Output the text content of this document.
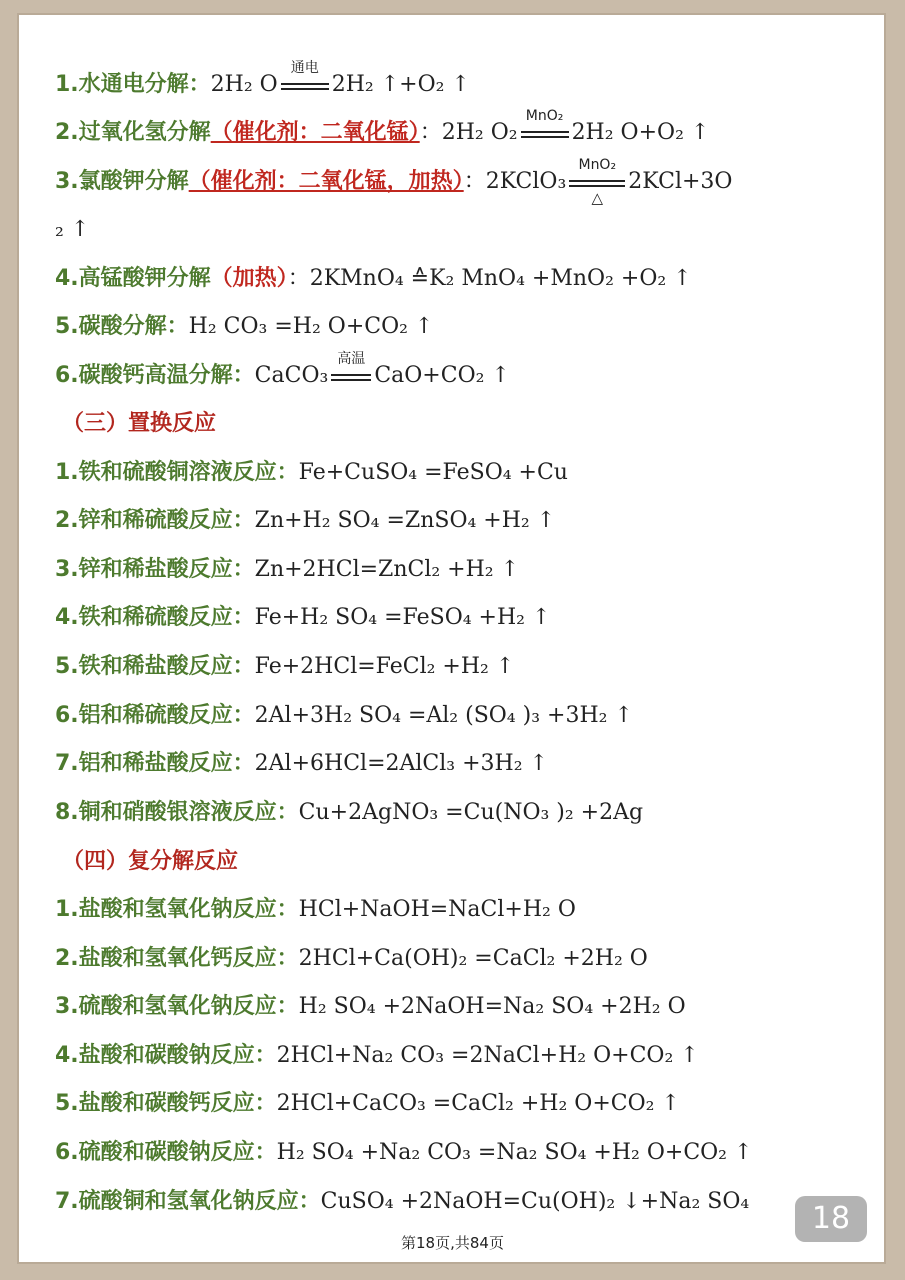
1.水通电分解：2H₂ O
通电
2H₂ ↑+O₂ ↑
2.过氧化氢分解（催化剂：二氧化锰）：2H₂ O₂
MnO₂
2H₂ O+O₂ ↑
3.氯酸钾分解（催化剂：二氧化锰，加热）：2KClO₃
MnO₂
△
2KCl+3O
₂ ↑
4.高锰酸钾分解（加热）：2KMnO₄ ≙K₂ MnO₄ +MnO₂ +O₂ ↑
5.碳酸分解：H₂ CO₃ =H₂ O+CO₂ ↑
6.碳酸钙高温分解：CaCO₃
高温
CaO+CO₂ ↑
（三）置换反应
1.铁和硫酸铜溶液反应：Fe+CuSO₄ =FeSO₄ +Cu
2.锌和稀硫酸反应：Zn+H₂ SO₄ =ZnSO₄ +H₂ ↑
3.锌和稀盐酸反应：Zn+2HCl=ZnCl₂ +H₂ ↑
4.铁和稀硫酸反应：Fe+H₂ SO₄ =FeSO₄ +H₂ ↑
5.铁和稀盐酸反应：Fe+2HCl=FeCl₂ +H₂ ↑
6.铝和稀硫酸反应：2Al+3H₂ SO₄ =Al₂ (SO₄ )₃ +3H₂ ↑
7.铝和稀盐酸反应：2Al+6HCl=2AlCl₃ +3H₂ ↑
8.铜和硝酸银溶液反应：Cu+2AgNO₃ =Cu(NO₃ )₂ +2Ag
（四）复分解反应
1.盐酸和氢氧化钠反应：HCl+NaOH=NaCl+H₂ O
2.盐酸和氢氧化钙反应：2HCl+Ca(OH)₂ =CaCl₂ +2H₂ O
3.硫酸和氢氧化钠反应：H₂ SO₄ +2NaOH=Na₂ SO₄ +2H₂ O
4.盐酸和碳酸钠反应：2HCl+Na₂ CO₃ =2NaCl+H₂ O+CO₂ ↑
5.盐酸和碳酸钙反应：2HCl+CaCO₃ =CaCl₂ +H₂ O+CO₂ ↑
6.硫酸和碳酸钠反应：H₂ SO₄ +Na₂ CO₃ =Na₂ SO₄ +H₂ O+CO₂ ↑
7.硫酸铜和氢氧化钠反应：CuSO₄ +2NaOH=Cu(OH)₂ ↓+Na₂ SO₄	18
第18页,共84页
